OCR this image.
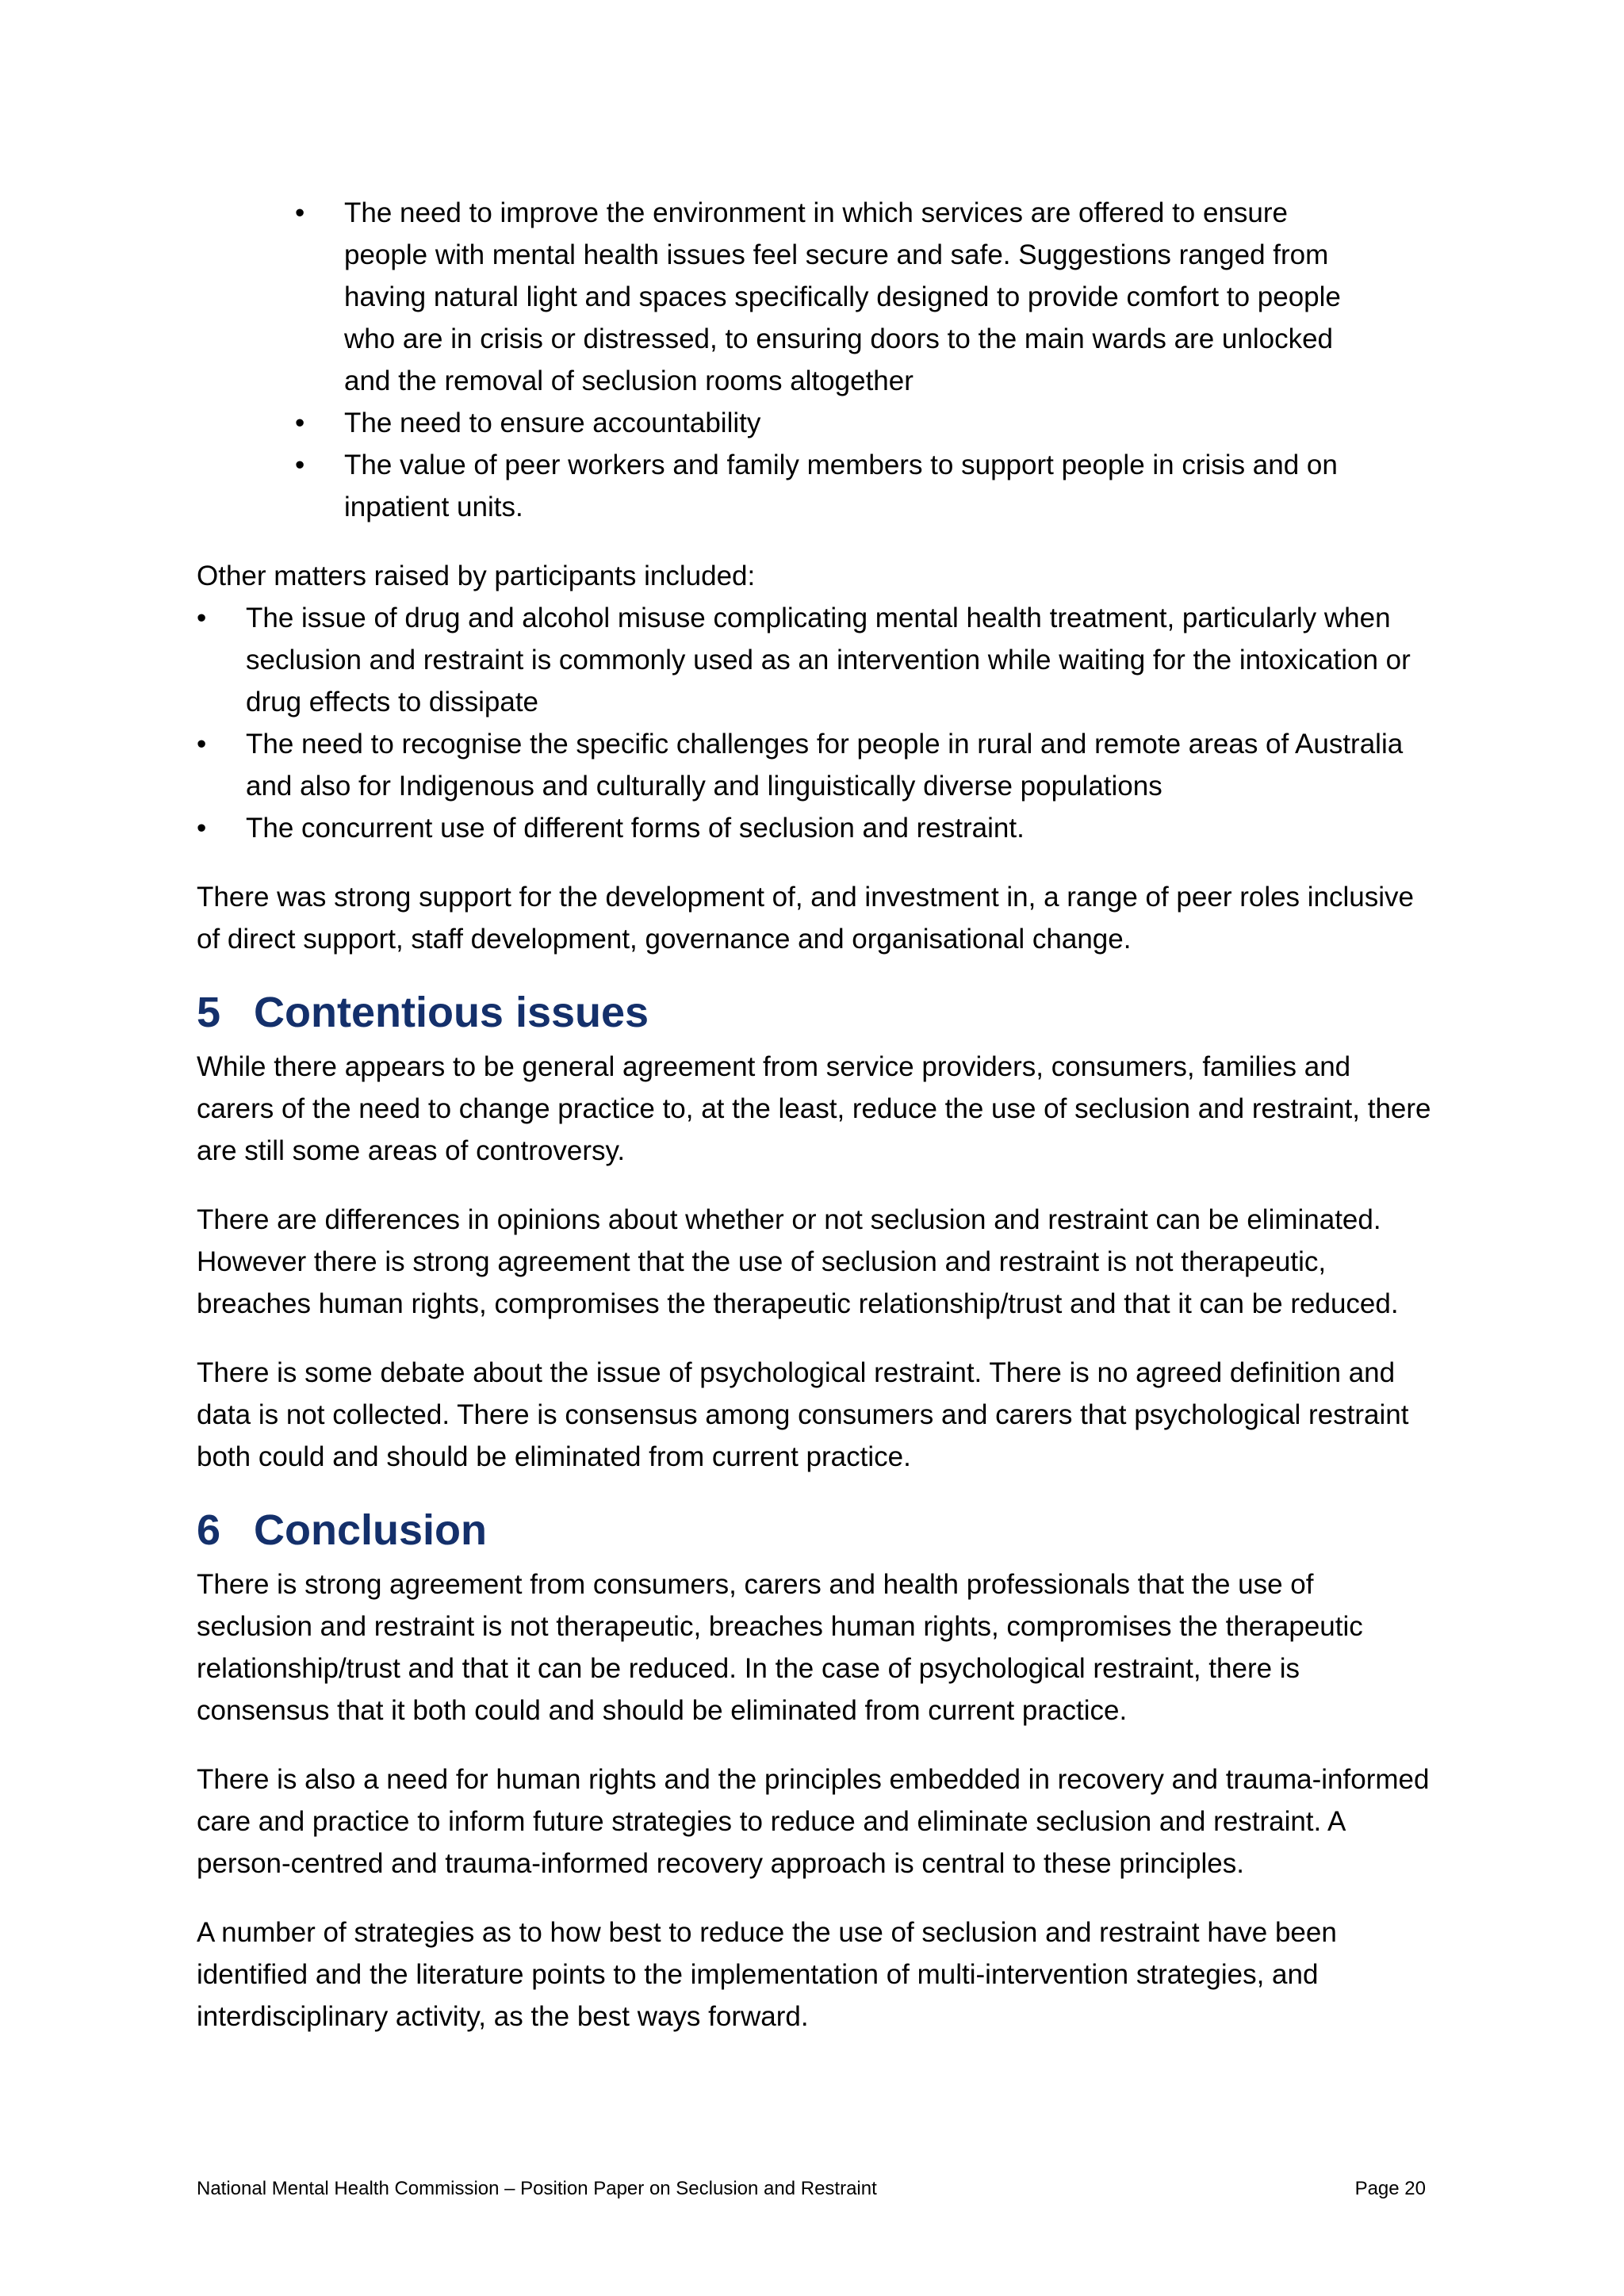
• The need to improve the environment in which services are offered to ensure people with mental health issues feel secure and safe. Suggestions ranged from having natural light and spaces specifically designed to provide comfort to people who are in crisis or distressed, to ensuring doors to the main wards are unlocked and the removal of seclusion rooms altogether
• The need to ensure accountability
• The value of peer workers and family members to support people in crisis and on inpatient units.

Other matters raised by participants included:

• The issue of drug and alcohol misuse complicating mental health treatment, particularly when seclusion and restraint is commonly used as an intervention while waiting for the intoxication or drug effects to dissipate
• The need to recognise the specific challenges for people in rural and remote areas of Australia and also for Indigenous and culturally and linguistically diverse populations
• The concurrent use of different forms of seclusion and restraint.

There was strong support for the development of, and investment in, a range of peer roles inclusive of direct support, staff development, governance and organisational change.

5 Contentious issues

While there appears to be general agreement from service providers, consumers, families and carers of the need to change practice to, at the least, reduce the use of seclusion and restraint, there are still some areas of controversy.

There are differences in opinions about whether or not seclusion and restraint can be eliminated. However there is strong agreement that the use of seclusion and restraint is not therapeutic, breaches human rights, compromises the therapeutic relationship/trust and that it can be reduced.

There is some debate about the issue of psychological restraint. There is no agreed definition and data is not collected. There is consensus among consumers and carers that psychological restraint both could and should be eliminated from current practice.

6 Conclusion

There is strong agreement from consumers, carers and health professionals that the use of seclusion and restraint is not therapeutic, breaches human rights, compromises the therapeutic relationship/trust and that it can be reduced. In the case of psychological restraint, there is consensus that it both could and should be eliminated from current practice.

There is also a need for human rights and the principles embedded in recovery and trauma-informed care and practice to inform future strategies to reduce and eliminate seclusion and restraint. A person-centred and trauma-informed recovery approach is central to these principles.

A number of strategies as to how best to reduce the use of seclusion and restraint have been identified and the literature points to the implementation of multi-intervention strategies, and interdisciplinary activity, as the best ways forward.

National Mental Health Commission – Position Paper on Seclusion and Restraint	Page 20
